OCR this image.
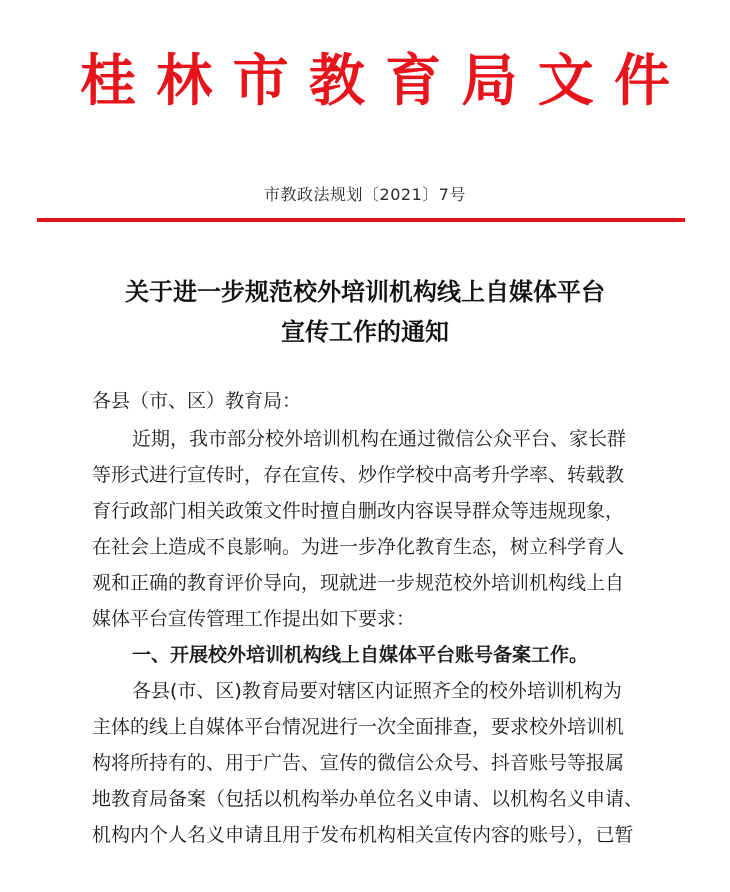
桂 林 市 教 育 局 文 件
市教政法规划〔2021〕7号
关于进一步规范校外培训机构线上自媒体平台
宣传工作的通知
各县（市、区）教育局：
近期，我市部分校外培训机构在通过微信公众平台、家长群
等形式进行宣传时，存在宣传、炒作学校中高考升学率、转载教
育行政部门相关政策文件时擅自删改内容误导群众等违规现象，
在社会上造成不良影响。为进一步净化教育生态，树立科学育人
观和正确的教育评价导向，现就进一步规范校外培训机构线上自
媒体平台宣传管理工作提出如下要求：
一、开展校外培训机构线上自媒体平台账号备案工作。
各县(市、区)教育局要对辖区内证照齐全的校外培训机构为
主体的线上自媒体平台情况进行一次全面排查，要求校外培训机
构将所持有的、用于广告、宣传的微信公众号、抖音账号等报属
地教育局备案（包括以机构举办单位名义申请、以机构名义申请、
机构内个人名义申请且用于发布机构相关宣传内容的账号），已暂
